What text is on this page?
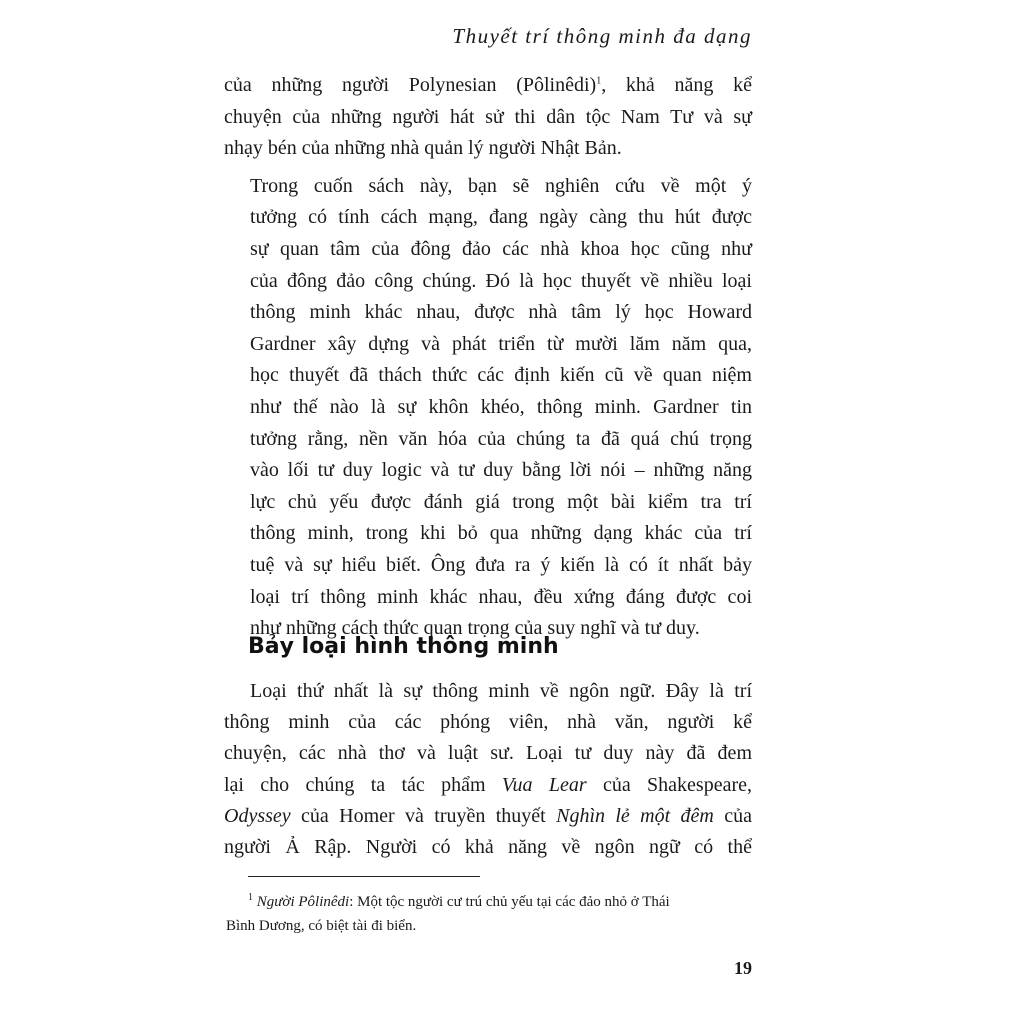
Thuyết trí thông minh đa dạng

của những người Polynesian (Pôlinêdi)$^1$, khả năng kể
chuyện của những người hát sử thi dân tộc Nam Tư và sự
nhạy bén của những nhà quản lý người Nhật Bản.

Trong cuốn sách này, bạn sẽ nghiên cứu về một ý
tưởng có tính cách mạng, đang ngày càng thu hút được
sự quan tâm của đông đảo các nhà khoa học cũng như
của đông đảo công chúng. Đó là học thuyết về nhiều loại
thông minh khác nhau, được nhà tâm lý học Howard
Gardner xây dựng và phát triển từ mười lăm năm qua,
học thuyết đã thách thức các định kiến cũ về quan niệm
như thế nào là sự khôn khéo, thông minh. Gardner tin
tưởng rằng, nền văn hóa của chúng ta đã quá chú trọng
vào lối tư duy logic và tư duy bằng lời nói – những năng
lực chủ yếu được đánh giá trong một bài kiểm tra trí
thông minh, trong khi bỏ qua những dạng khác của trí
tuệ và sự hiểu biết. Ông đưa ra ý kiến là có ít nhất bảy
loại trí thông minh khác nhau, đều xứng đáng được coi
như những cách thức quan trọng của suy nghĩ và tư duy.

Bảy loại hình thông minh
Loại thứ nhất là sự thông minh về ngôn ngữ. Đây là trí
thông minh của các phóng viên, nhà văn, người kể
chuyện, các nhà thơ và luật sư. Loại tư duy này đã đem
lại cho chúng ta tác phẩm Vua Lear của Shakespeare,
Odyssey của Homer và truyền thuyết Nghìn lẻ một đêm của
người Ả Rập. Người có khả năng về ngôn ngữ có thể
$^1$ Người Pôlinêdi: Một tộc người cư trú chủ yếu tại các đảo nhỏ ở Thái
Bình Dương, có biệt tài đi biển.
19
